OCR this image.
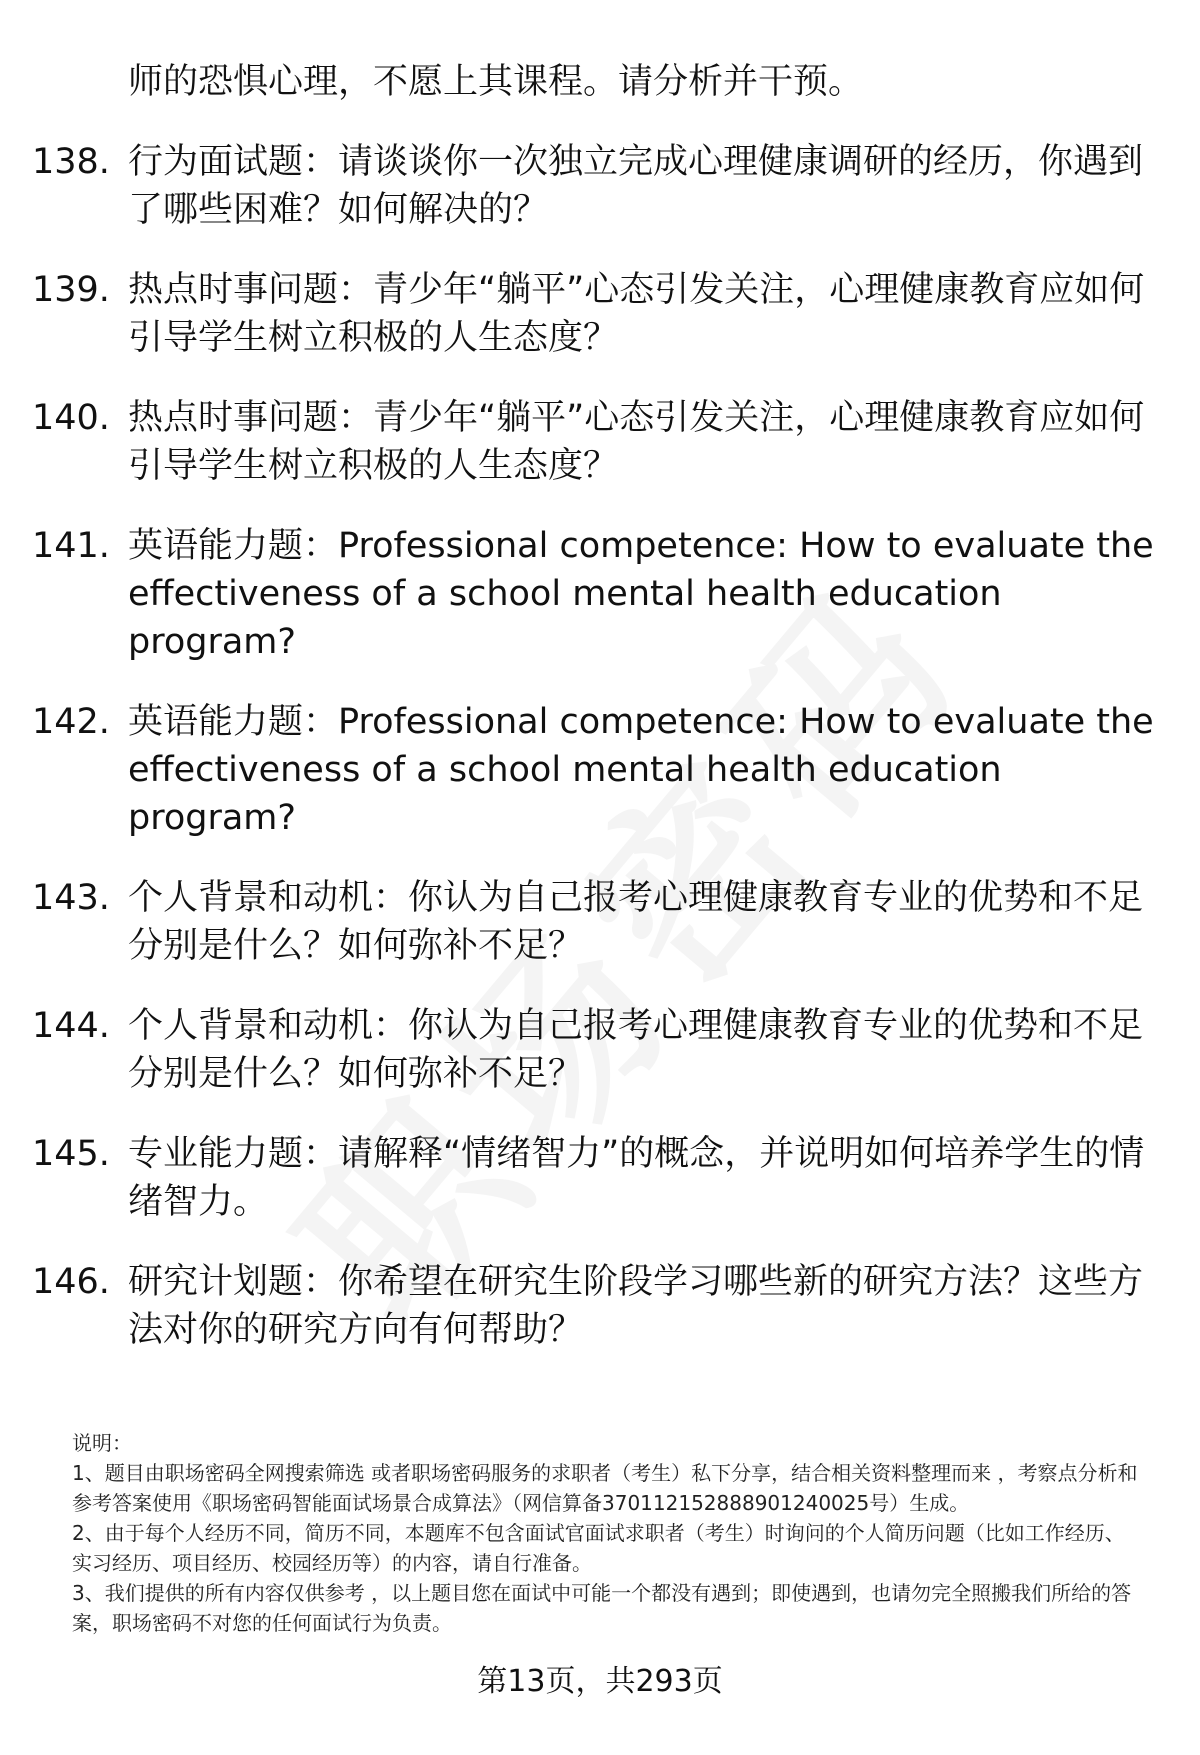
师的恐惧心理，不愿上其课程。请分析并干预。
138. 行为面试题：请谈谈你一次独立完成心理健康调研的经历，你遇到了哪些困难？如何解决的？
139. 热点时事问题：青少年“躺平”心态引发关注，心理健康教育应如何引导学生树立积极的人生态度？
140. 热点时事问题：青少年“躺平”心态引发关注，心理健康教育应如何引导学生树立积极的人生态度？
141. 英语能力题：Professional competence: How to evaluate the effectiveness of a school mental health education program?
142. 英语能力题：Professional competence: How to evaluate the effectiveness of a school mental health education program?
143. 个人背景和动机：你认为自己报考心理健康教育专业的优势和不足分别是什么？如何弥补不足？
144. 个人背景和动机：你认为自己报考心理健康教育专业的优势和不足分别是什么？如何弥补不足？
145. 专业能力题：请解释“情绪智力”的概念，并说明如何培养学生的情绪智力。
146. 研究计划题：你希望在研究生阶段学习哪些新的研究方法？这些方法对你的研究方向有何帮助？

说明：

1、题目由职场密码全网搜索筛选 或者职场密码服务的求职者（考生）私下分享，结合相关资料整理而来 ，考察点分析和参考答案使用《职场密码智能面试场景合成算法》（网信算备370112152888901240025号）生成。

2、由于每个人经历不同，简历不同，本题库不包含面试官面试求职者（考生）时询问的个人简历问题（比如工作经历、实习经历、项目经历、校园经历等）的内容，请自行准备。

3、我们提供的所有内容仅供参考 ，以上题目您在面试中可能一个都没有遇到；即使遇到，也请勿完全照搬我们所给的答案，职场密码不对您的任何面试行为负责。

第13页，共293页
